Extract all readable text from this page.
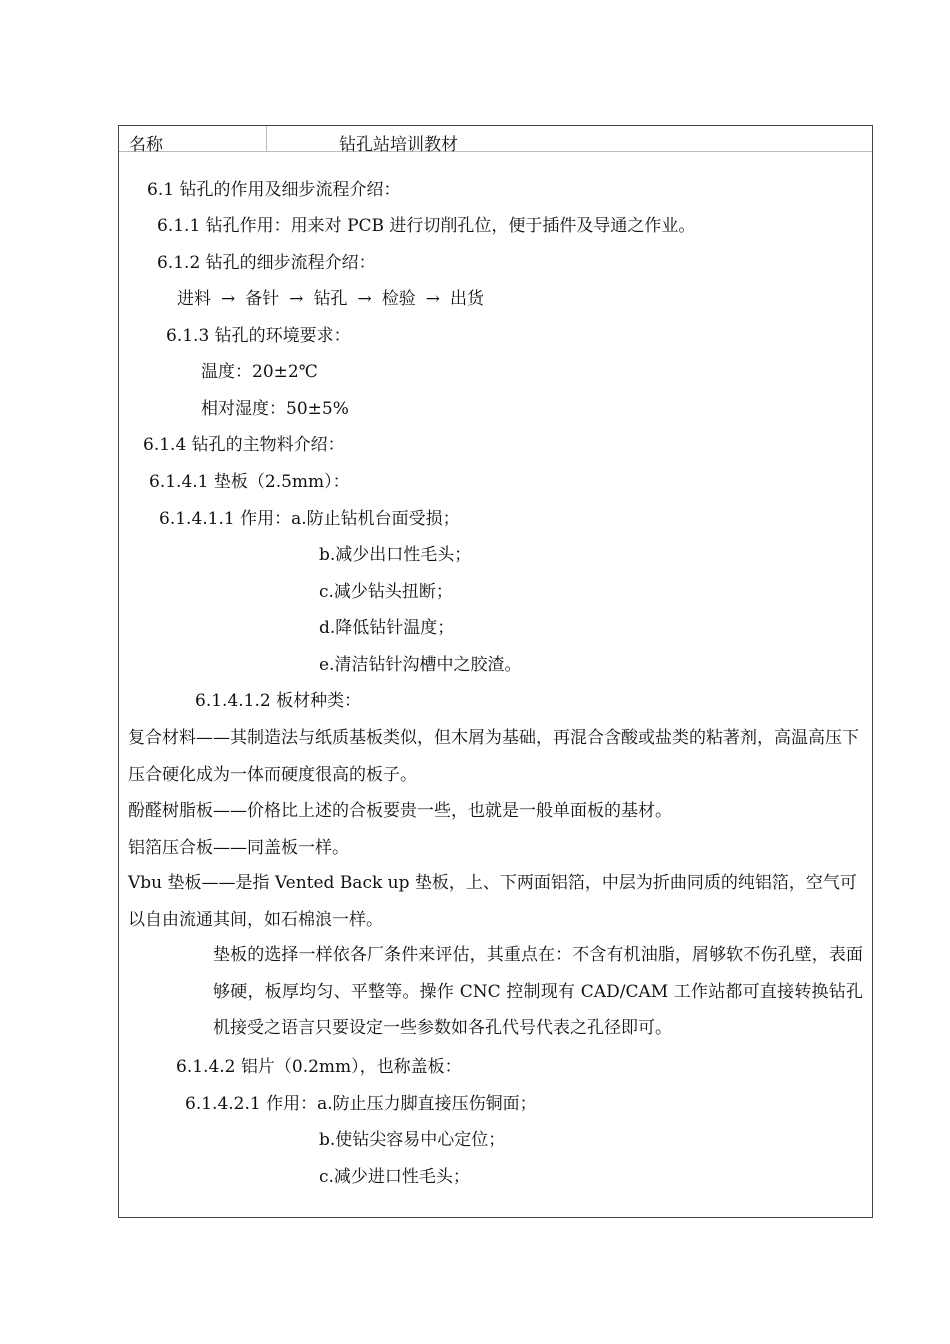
名称	钻孔站培训教材
6.1 钻孔的作用及细步流程介绍：
6.1.1 钻孔作用：用来对 PCB 进行切削孔位，便于插件及导通之作业。
6.1.2 钻孔的细步流程介绍：
进料 → 备针 → 钻孔 → 检验 → 出货
6.1.3 钻孔的环境要求：
温度：20±2℃
相对湿度：50±5%
6.1.4 钻孔的主物料介绍：
6.1.4.1 垫板（2.5mm）：
6.1.4.1.1 作用：a.防止钻机台面受损；
b.减少出口性毛头；
c.减少钻头扭断；
d.降低钻针温度；
e.清洁钻针沟槽中之胶渣。
6.1.4.1.2 板材种类：
复合材料——其制造法与纸质基板类似，但木屑为基础，再混合含酸或盐类的粘著剂，高温高压下压合硬化成为一体而硬度很高的板子。
酚醛树脂板——价格比上述的合板要贵一些，也就是一般单面板的基材。
铝箔压合板——同盖板一样。
Vbu 垫板——是指 Vented Back up 垫板，上、下两面铝箔，中层为折曲同质的纯铝箔，空气可以自由流通其间，如石棉浪一样。
垫板的选择一样依各厂条件来评估，其重点在：不含有机油脂，屑够软不伤孔壁，表面够硬，板厚均匀、平整等。操作 CNC 控制现有 CAD/CAM 工作站都可直接转换钻孔机接受之语言只要设定一些参数如各孔代号代表之孔径即可。
6.1.4.2 铝片（0.2mm），也称盖板：
6.1.4.2.1 作用：a.防止压力脚直接压伤铜面；
b.使钻尖容易中心定位；
c.减少进口性毛头；
